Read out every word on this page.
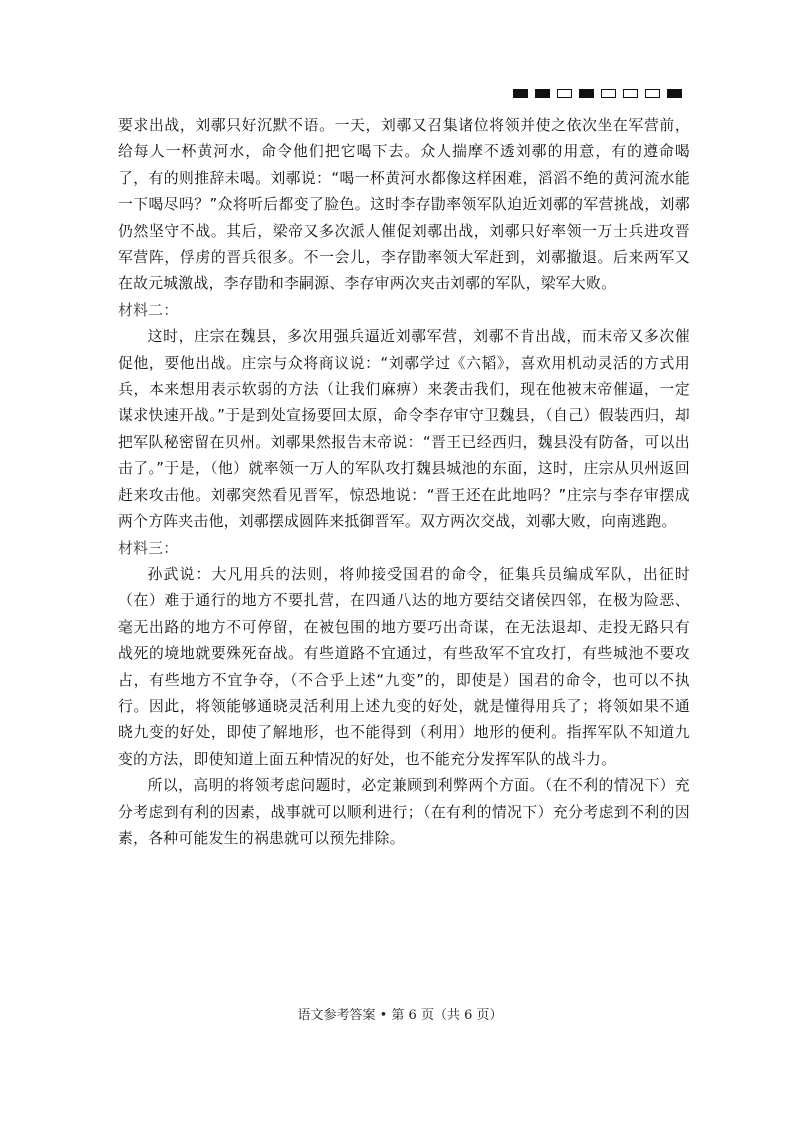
要求出战，刘鄩只好沉默不语。一天，刘鄩又召集诸位将领并使之依次坐在军营前，给每人一杯黄河水，命令他们把它喝下去。众人揣摩不透刘鄩的用意，有的遵命喝了，有的则推辞未喝。刘鄩说：“喝一杯黄河水都像这样困难，滔滔不绝的黄河流水能一下喝尽吗？”众将听后都变了脸色。这时李存勖率领军队迫近刘鄩的军营挑战，刘鄩仍然坚守不战。其后，梁帝又多次派人催促刘鄩出战，刘鄩只好率领一万士兵进攻晋军营阵，俘虏的晋兵很多。不一会儿，李存勖率领大军赶到，刘鄩撤退。后来两军又在故元城激战，李存勖和李嗣源、李存审两次夹击刘鄩的军队，梁军大败。

材料二：

这时，庄宗在魏县，多次用强兵逼近刘鄩军营，刘鄩不肯出战，而末帝又多次催促他，要他出战。庄宗与众将商议说：“刘鄩学过《六韬》，喜欢用机动灵活的方式用兵，本来想用表示软弱的方法（让我们麻痹）来袭击我们，现在他被末帝催逼，一定谋求快速开战。”于是到处宣扬要回太原，命令李存审守卫魏县，（自己）假装西归，却把军队秘密留在贝州。刘鄩果然报告末帝说：“晋王已经西归，魏县没有防备，可以出击了。”于是，（他）就率领一万人的军队攻打魏县城池的东面，这时，庄宗从贝州返回赶来攻击他。刘鄩突然看见晋军，惊恐地说：“晋王还在此地吗？”庄宗与李存审摆成两个方阵夹击他，刘鄩摆成圆阵来抵御晋军。双方两次交战，刘鄩大败，向南逃跑。

材料三：

孙武说：大凡用兵的法则，将帅接受国君的命令，征集兵员编成军队，出征时（在）难于通行的地方不要扎营，在四通八达的地方要结交诸侯四邻，在极为险恶、毫无出路的地方不可停留，在被包围的地方要巧出奇谋，在无法退却、走投无路只有战死的境地就要殊死奋战。有些道路不宜通过，有些敌军不宜攻打，有些城池不要攻占，有些地方不宜争夺，（不合乎上述“九变”的，即使是）国君的命令，也可以不执行。因此，将领能够通晓灵活利用上述九变的好处，就是懂得用兵了；将领如果不通晓九变的好处，即使了解地形，也不能得到（利用）地形的便利。指挥军队不知道九变的方法，即使知道上面五种情况的好处，也不能充分发挥军队的战斗力。

所以，高明的将领考虑问题时，必定兼顾到利弊两个方面。（在不利的情况下）充分考虑到有利的因素，战事就可以顺利进行；（在有利的情况下）充分考虑到不利的因素，各种可能发生的祸患就可以预先排除。

语文参考答案 • 第 6 页（共 6 页）
